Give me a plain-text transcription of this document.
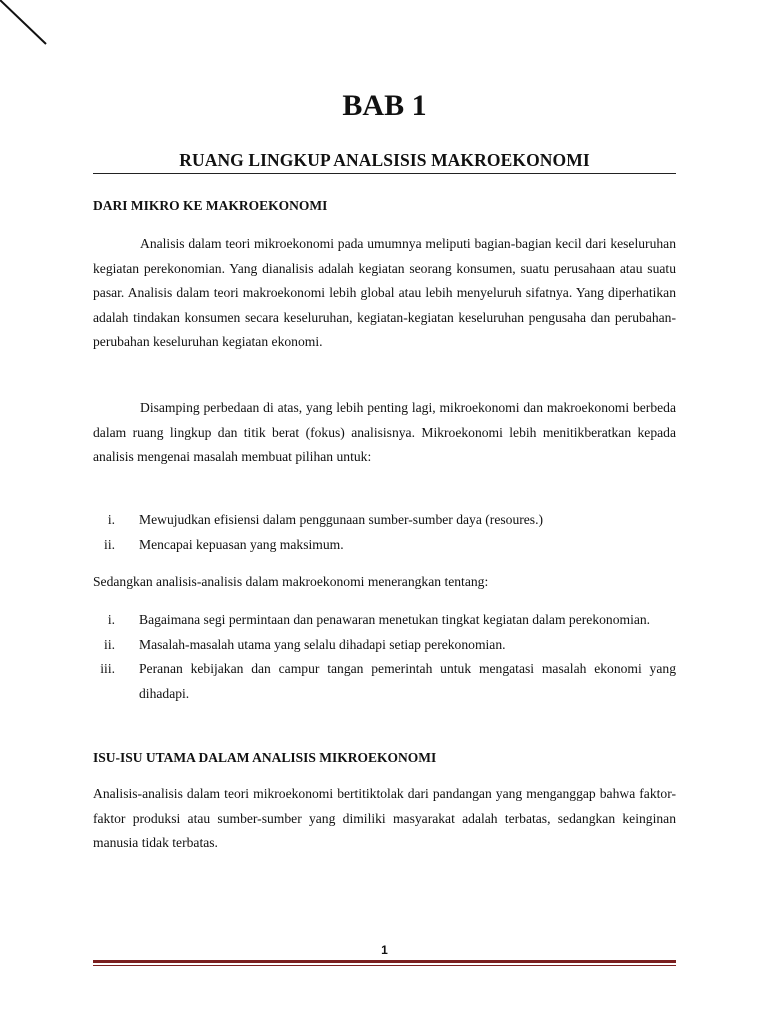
BAB 1
RUANG LINGKUP ANALSISIS MAKROEKONOMI
DARI MIKRO KE MAKROEKONOMI

Analisis dalam teori mikroekonomi pada umumnya meliputi bagian-bagian kecil dari keseluruhan kegiatan perekonomian. Yang dianalisis adalah kegiatan seorang konsumen, suatu perusahaan atau suatu pasar. Analisis dalam teori makroekonomi lebih global atau lebih menyeluruh sifatnya. Yang diperhatikan adalah tindakan konsumen secara keseluruhan, kegiatan-kegiatan keseluruhan pengusaha dan perubahan-perubahan keseluruhan kegiatan ekonomi.

Disamping perbedaan di atas, yang lebih penting lagi, mikroekonomi dan makroekonomi berbeda dalam ruang lingkup dan titik berat (fokus) analisisnya. Mikroekonomi lebih menitikberatkan kepada analisis mengenai masalah membuat pilihan untuk:

i. Mewujudkan efisiensi dalam penggunaan sumber-sumber daya (resoures.)
ii. Mencapai kepuasan yang maksimum.

Sedangkan analisis-analisis dalam makroekonomi menerangkan tentang:

i. Bagaimana segi permintaan dan penawaran menetukan tingkat kegiatan dalam perekonomian.
ii. Masalah-masalah utama yang selalu dihadapi setiap perekonomian.
iii. Peranan kebijakan dan campur tangan pemerintah untuk mengatasi masalah ekonomi yang dihadapi.
ISU-ISU UTAMA DALAM ANALISIS MIKROEKONOMI

Analisis-analisis dalam teori mikroekonomi bertitiktolak dari pandangan yang menganggap bahwa faktor-faktor produksi atau sumber-sumber yang dimiliki masyarakat adalah terbatas, sedangkan keinginan manusia tidak terbatas.

1
